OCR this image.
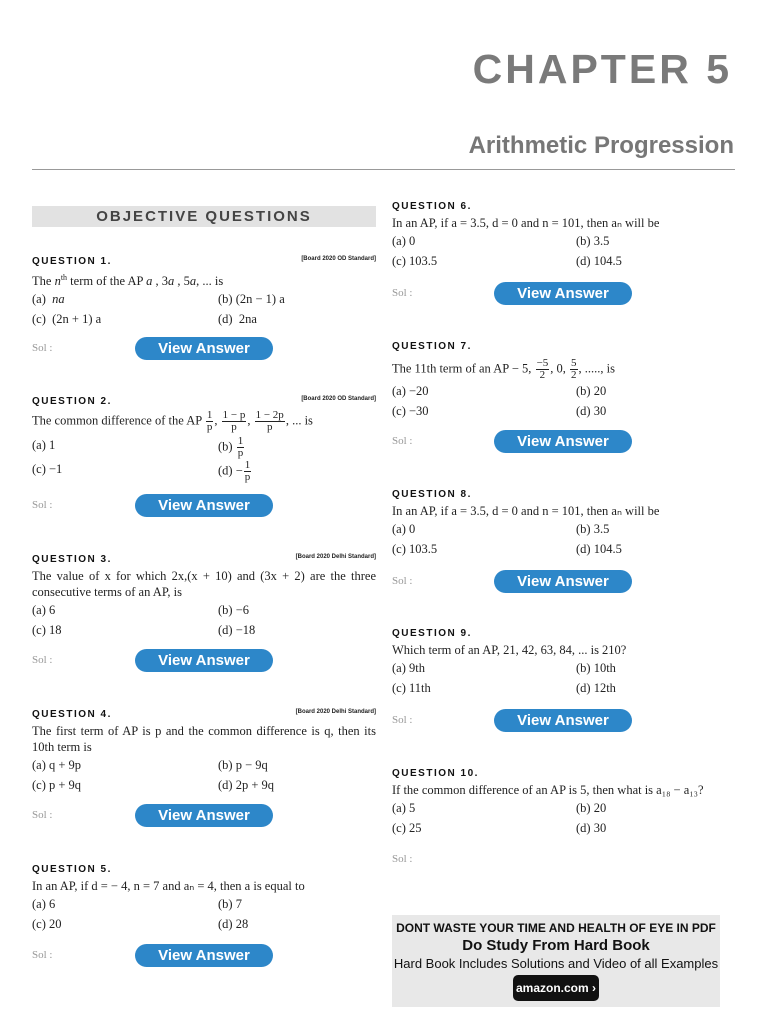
CHAPTER 5
Arithmetic Progression
OBJECTIVE QUESTIONS
QUESTION 1.	[Board 2020 OD Standard]
The $n^{th}$ term of the AP a , 3a , 5a, ... is
(a) na	(b) (2n − 1) a
(c) (2n + 1) a	(d) 2na
Sol :	View Answer
QUESTION 2.	[Board 2020 OD Standard]
The common difference of the AP $\frac{1}{p}$ , $\frac{1 - p}{p}$ , $\frac{1 - 2p}{p}$ , ... is
(a) 1	$(b) \frac{1}{p}$
(c) −1	$(d) - \frac{1}{p}$
Sol :	View Answer
QUESTION 3.	[Board 2020 Delhi Standard]
The value of x for which 2x,(x + 10) and (3x + 2) are the three consecutive terms of an AP, is
(a) 6	(b) −6
(c) 18	(d) −18
Sol :	View Answer
QUESTION 4.	[Board 2020 Delhi Standard]
The first term of AP is p and the common difference is q, then its 10th term is
(a) q + 9p	(b) p − 9q
(c) p + 9q	(d) 2p + 9q
Sol :	View Answer
QUESTION 5.
In an AP, if d = − 4, n = 7 and aₙ = 4, then a is equal to
(a) 6	(b) 7
(c) 20	(d) 28
Sol :	View Answer
QUESTION 6.
In an AP, if a = 3.5, d = 0 and n = 101, then aₙ will be
(a) 0	(b) 3.5
(c) 103.5	(d) 104.5
Sol :	View Answer
QUESTION 7.
The 11th term of an AP − 5, $\frac{-5}{2}$ , 0, $\frac{5}{2}$ , ....., is
(a) −20	(b) 20
(c) −30	(d) 30
Sol :	View Answer
QUESTION 8.
In an AP, if a = 3.5, d = 0 and n = 101, then aₙ will be
(a) 0	(b) 3.5
(c) 103.5	(d) 104.5
Sol :	View Answer
QUESTION 9.
Which term of an AP, 21, 42, 63, 84, ... is 210?
(a) 9th	(b) 10th
(c) 11th	(d) 12th
Sol :	View Answer
QUESTION 10.
If the common difference of an AP is 5, then what is a₁₈ − a₁₃?
(a) 5	(b) 20
(c) 25	(d) 30
Sol :
DONT WASTE YOUR TIME AND HEALTH OF EYE IN PDF
Do Study From Hard Book
Hard Book Includes Solutions and Video of all Examples
amazon.com ›
